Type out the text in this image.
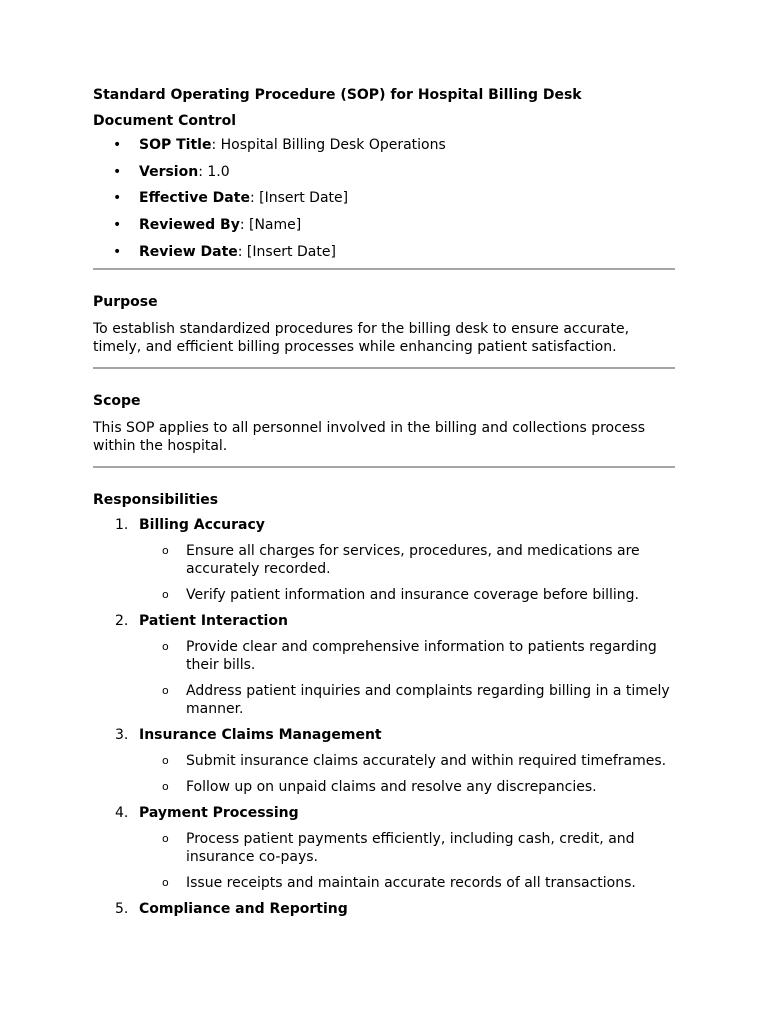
Standard Operating Procedure (SOP) for Hospital Billing Desk

Document Control

• SOP Title: Hospital Billing Desk Operations
• Version: 1.0
• Effective Date: [Insert Date]
• Reviewed By: [Name]
• Review Date: [Insert Date]

Purpose

To establish standardized procedures for the billing desk to ensure accurate, timely, and efficient billing processes while enhancing patient satisfaction.

Scope

This SOP applies to all personnel involved in the billing and collections process within the hospital.

Responsibilities

1. Billing Accuracy
o Ensure all charges for services, procedures, and medications are accurately recorded.
o Verify patient information and insurance coverage before billing.
2. Patient Interaction
o Provide clear and comprehensive information to patients regarding their bills.
o Address patient inquiries and complaints regarding billing in a timely manner.
3. Insurance Claims Management
o Submit insurance claims accurately and within required timeframes.
o Follow up on unpaid claims and resolve any discrepancies.
4. Payment Processing
o Process patient payments efficiently, including cash, credit, and insurance co-pays.
o Issue receipts and maintain accurate records of all transactions.
5. Compliance and Reporting
